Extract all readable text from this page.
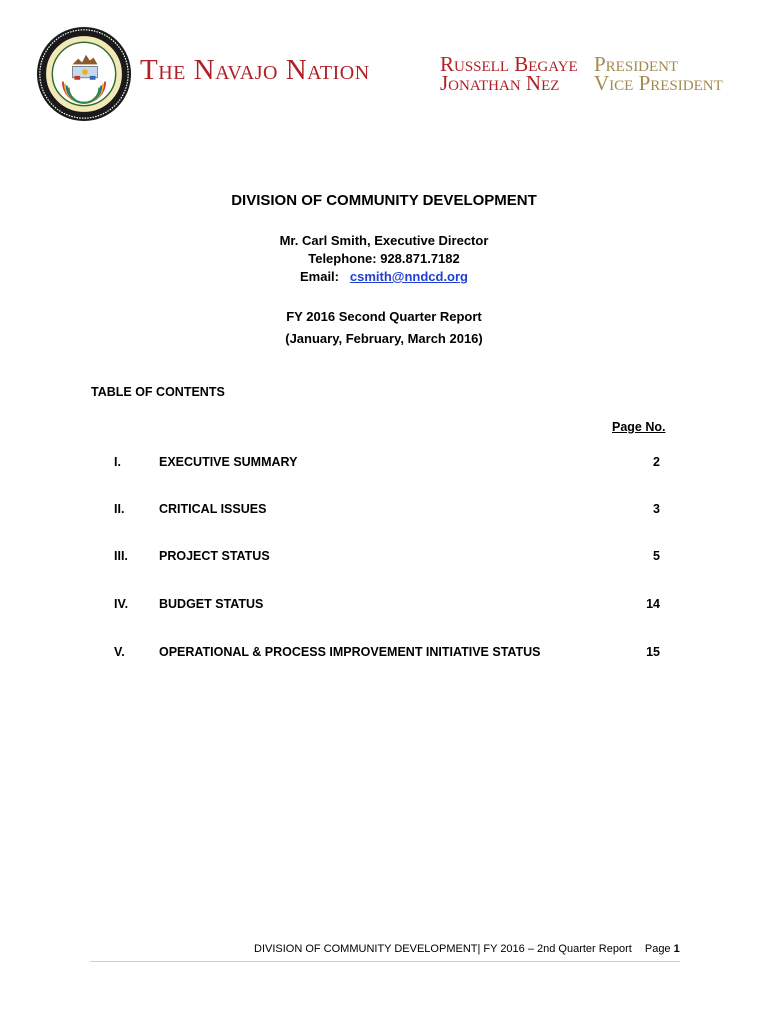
The Navajo Nation	Russell Begaye President
Jonathan Nez Vice President
DIVISION OF COMMUNITY DEVELOPMENT
Mr. Carl Smith, Executive Director
Telephone: 928.871.7182
Email: csmith@nndcd.org
FY 2016 Second Quarter Report
(January, February, March 2016)
TABLE OF CONTENTS
Page No.
I.	EXECUTIVE SUMMARY	2
II.	CRITICAL ISSUES	3
III. PROJECT STATUS	5
IV. BUDGET STATUS	14
V.	OPERATIONAL & PROCESS IMPROVEMENT INITIATIVE STATUS	15
DIVISION OF COMMUNITY DEVELOPMENT| FY 2016 – 2nd Quarter Report Page 1
